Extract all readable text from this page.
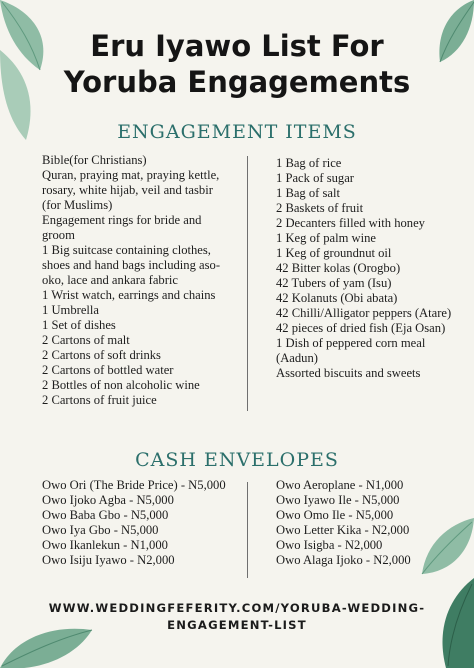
Eru Iyawo List For
Yoruba Engagements
ENGAGEMENT ITEMS

Bible(for Christians)

Quran, praying mat, praying kettle, rosary, white hijab, veil and tasbir (for Muslims)

Engagement rings for bride and groom

1 Big suitcase containing clothes, shoes and hand bags including aso-oko, lace and ankara fabric

1 Wrist watch, earrings and chains

1 Umbrella

1 Set of dishes

2 Cartons of malt

2 Cartons of soft drinks

2 Cartons of bottled water

2 Bottles of non alcoholic wine

2 Cartons of fruit juice

1 Bag of rice

1 Pack of sugar

1 Bag of salt

2 Baskets of fruit

2 Decanters filled with honey

1 Keg of palm wine

1 Keg of groundnut oil

42 Bitter kolas (Orogbo)

42 Tubers of yam (Isu)

42 Kolanuts (Obi abata)

42 Chilli/Alligator peppers (Atare)

42 pieces of dried fish (Eja Osan)

1 Dish of peppered corn meal (Aadun)

Assorted biscuits and sweets

CASH ENVELOPES

Owo Ori (The Bride Price) - N5,000

Owo Ijoko Agba - N5,000

Owo Baba Gbo - N5,000

Owo Iya Gbo - N5,000

Owo Ikanlekun - N1,000

Owo Isiju Iyawo - N2,000

Owo Aeroplane - N1,000

Owo Iyawo Ile - N5,000

Owo Omo Ile - N5,000

Owo Letter Kika - N2,000

Owo Isigba - N2,000

Owo Alaga Ijoko - N2,000

WWW.WEDDINGFEFERITY.COM/YORUBA-WEDDING-
ENGAGEMENT-LIST
